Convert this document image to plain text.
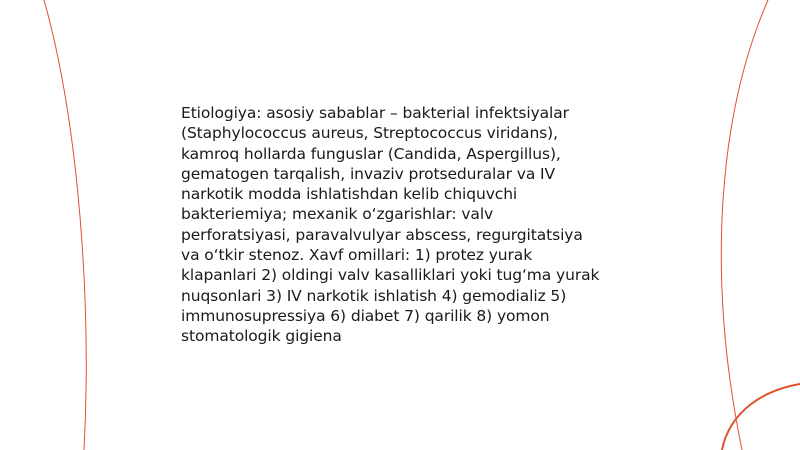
Etiologiya: asosiy sabablar – bakterial infektsiyalar
(Staphylococcus aureus, Streptococcus viridans),
kamroq hollarda funguslar (Candida, Aspergillus),
gematogen tarqalish, invaziv protseduralar va IV
narkotik modda ishlatishdan kelib chiquvchi
bakteriemiya; mexanik o‘zgarishlar: valv
perforatsiyasi, paravalvulyar abscess, regurgitatsiya
va o‘tkir stenoz. Xavf omillari: 1) protez yurak
klapanlari 2) oldingi valv kasalliklari yoki tug‘ma yurak
nuqsonlari 3) IV narkotik ishlatish 4) gemodializ 5)
immunosupressiya 6) diabet 7) qarilik 8) yomon
stomatologik gigiena
